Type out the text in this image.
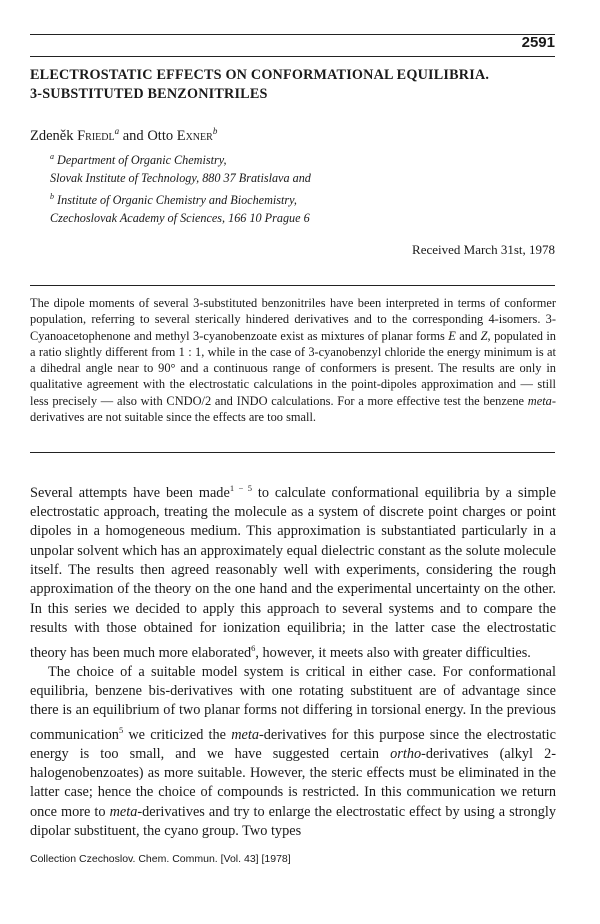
2591
ELECTROSTATIC EFFECTS ON CONFORMATIONAL EQUILIBRIA.
3-SUBSTITUTED BENZONITRILES
Zdeněk Friedl$^a$ and Otto Exner$^b$
$^a$ Department of Organic Chemistry,
Slovak Institute of Technology, 880 37 Bratislava and
$^b$ Institute of Organic Chemistry and Biochemistry,
Czechoslovak Academy of Sciences, 166 10 Prague 6
Received March 31st, 1978

The dipole moments of several 3-substituted benzonitriles have been interpreted in terms of conformer population, referring to several sterically hindered derivatives and to the corresponding 4-isomers. 3-Cyanoacetophenone and methyl 3-cyanobenzoate exist as mixtures of planar forms E and Z, populated in a ratio slightly different from 1 : 1, while in the case of 3-cyanobenzyl chloride the energy minimum is at a dihedral angle near to 90° and a continuous range of conformers is present. The results are only in qualitative agreement with the electrostatic calculations in the point-dipoles approximation and — still less precisely — also with CNDO/2 and INDO calculations. For a more effective test the benzene meta-derivatives are not suitable since the effects are too small.

Several attempts have been made$^{1 - 5}$ to calculate conformational equilibria by a simple electrostatic approach, treating the molecule as a system of discrete point charges or point dipoles in a homogeneous medium. This approximation is substantiated particularly in a unpolar solvent which has an approximately equal dielectric constant as the solute molecule itself. The results then agreed reasonably well with experiments, considering the rough approximation of the theory on the one hand and the experimental uncertainty on the other. In this series we decided to apply this approach to several systems and to compare the results with those obtained for ionization equilibria; in the latter case the electrostatic theory has been much more elaborated$^6$, however, it meets also with greater difficulties.

The choice of a suitable model system is critical in either case. For conformational equilibria, benzene bis-derivatives with one rotating substituent are of advantage since there is an equilibrium of two planar forms not differing in torsional energy. In the previous communication$^5$ we criticized the meta-derivatives for this purpose since the electrostatic energy is too small, and we have suggested certain ortho-derivatives (alkyl 2-halogenobenzoates) as more suitable. However, the steric effects must be eliminated in the latter case; hence the choice of compounds is restricted. In this communication we return once more to meta-derivatives and try to enlarge the electrostatic effect by using a strongly dipolar substituent, the cyano group. Two types

Collection Czechoslov. Chem. Commun. [Vol. 43] [1978]
